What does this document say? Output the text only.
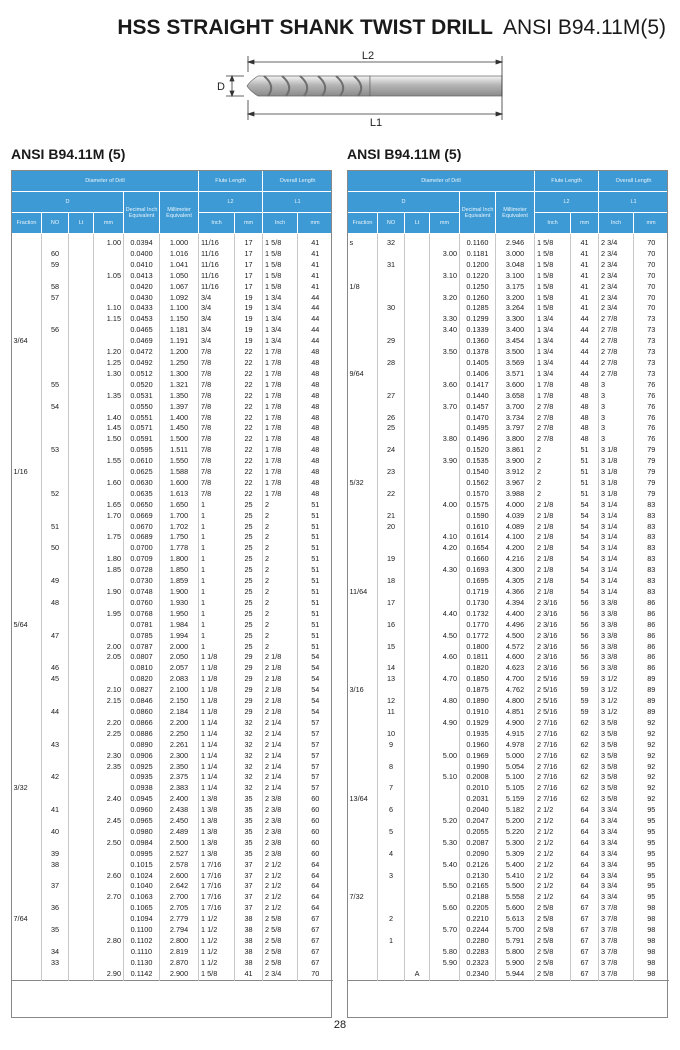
HSS STRAIGHT SHANK TWIST DRILL ANSI B94.11M(5)
L2
L1
D
ANSI B94.11M (5)	ANSI B94.11M (5)
Diameter of Drill						Flute Length		Overall Length	
D				Decimal Inch Equivalent	Millimeter Equivalent	L2		L1	
Fraction	NO	Lt	mm			Inch	mm	Inch	mm
			1.00	0.0394	1.000	11/16	17	1 5/8	41
	60			0.0400	1.016	11/16	17	1 5/8	41
	59			0.0410	1.041	11/16	17	1 5/8	41
			1.05	0.0413	1.050	11/16	17	1 5/8	41
	58			0.0420	1.067	11/16	17	1 5/8	41
	57			0.0430	1.092	3/4	19	1 3/4	44
			1.10	0.0433	1.100	3/4	19	1 3/4	44
			1.15	0.0453	1.150	3/4	19	1 3/4	44
	56			0.0465	1.181	3/4	19	1 3/4	44
3/64				0.0469	1.191	3/4	19	1 3/4	44
			1.20	0.0472	1.200	7/8	22	1 7/8	48
			1.25	0.0492	1.250	7/8	22	1 7/8	48
			1.30	0.0512	1.300	7/8	22	1 7/8	48
	55			0.0520	1.321	7/8	22	1 7/8	48
			1.35	0.0531	1.350	7/8	22	1 7/8	48
	54			0.0550	1.397	7/8	22	1 7/8	48
			1.40	0.0551	1.400	7/8	22	1 7/8	48
			1.45	0.0571	1.450	7/8	22	1 7/8	48
			1.50	0.0591	1.500	7/8	22	1 7/8	48
	53			0.0595	1.511	7/8	22	1 7/8	48
			1.55	0.0610	1.550	7/8	22	1 7/8	48
1/16				0.0625	1.588	7/8	22	1 7/8	48
			1.60	0.0630	1.600	7/8	22	1 7/8	48
	52			0.0635	1.613	7/8	22	1 7/8	48
			1.65	0.0650	1.650	1	25	2	51
			1.70	0.0669	1.700	1	25	2	51
	51			0.0670	1.702	1	25	2	51
			1.75	0.0689	1.750	1	25	2	51
	50			0.0700	1.778	1	25	2	51
			1.80	0.0709	1.800	1	25	2	51
			1.85	0.0728	1.850	1	25	2	51
	49			0.0730	1.859	1	25	2	51
			1.90	0.0748	1.900	1	25	2	51
	48			0.0760	1.930	1	25	2	51
			1.95	0.0768	1.950	1	25	2	51
5/64				0.0781	1.984	1	25	2	51
	47			0.0785	1.994	1	25	2	51
			2.00	0.0787	2.000	1	25	2	51
			2.05	0.0807	2.050	1 1/8	29	2 1/8	54
	46			0.0810	2.057	1 1/8	29	2 1/8	54
	45			0.0820	2.083	1 1/8	29	2 1/8	54
			2.10	0.0827	2.100	1 1/8	29	2 1/8	54
			2.15	0.0846	2.150	1 1/8	29	2 1/8	54
	44			0.0860	2.184	1 1/8	29	2 1/8	54
			2.20	0.0866	2.200	1 1/4	32	2 1/4	57
			2.25	0.0886	2.250	1 1/4	32	2 1/4	57
	43			0.0890	2.261	1 1/4	32	2 1/4	57
			2.30	0.0906	2.300	1 1/4	32	2 1/4	57
			2.35	0.0925	2.350	1 1/4	32	2 1/4	57
	42			0.0935	2.375	1 1/4	32	2 1/4	57
3/32				0.0938	2.383	1 1/4	32	2 1/4	57
			2.40	0.0945	2.400	1 3/8	35	2 3/8	60
	41			0.0960	2.438	1 3/8	35	2 3/8	60
			2.45	0.0965	2.450	1 3/8	35	2 3/8	60
	40			0.0980	2.489	1 3/8	35	2 3/8	60
			2.50	0.0984	2.500	1 3/8	35	2 3/8	60
	39			0.0995	2.527	1 3/8	35	2 3/8	60
	38			0.1015	2.578	1 7/16	37	2 1/2	64
			2.60	0.1024	2.600	1 7/16	37	2 1/2	64
	37			0.1040	2.642	1 7/16	37	2 1/2	64
			2.70	0.1063	2.700	1 7/16	37	2 1/2	64
	36			0.1065	2.705	1 7/16	37	2 1/2	64
7/64				0.1094	2.779	1 1/2	38	2 5/8	67
	35			0.1100	2.794	1 1/2	38	2 5/8	67
			2.80	0.1102	2.800	1 1/2	38	2 5/8	67
	34			0.1110	2.819	1 1/2	38	2 5/8	67
	33			0.1130	2.870	1 1/2	38	2 5/8	67
			2.90	0.1142	2.900	1 5/8	41	2 3/4	70
Diameter of Drill						Flute Length		Overall Length	
D				Decimal Inch Equivalent	Millimeter Equivalent	L2		L1	
Fraction	NO	Lt	mm			Inch	mm	Inch	mm
s	32			0.1160	2.946	1 5/8	41	2 3/4	70
			3.00	0.1181	3.000	1 5/8	41	2 3/4	70
	31			0.1200	3.048	1 5/8	41	2 3/4	70
			3.10	0.1220	3.100	1 5/8	41	2 3/4	70
1/8				0.1250	3.175	1 5/8	41	2 3/4	70
			3.20	0.1260	3.200	1 5/8	41	2 3/4	70
	30			0.1285	3.264	1 5/8	41	2 3/4	70
			3.30	0.1299	3.300	1 3/4	44	2 7/8	73
			3.40	0.1339	3.400	1 3/4	44	2 7/8	73
	29			0.1360	3.454	1 3/4	44	2 7/8	73
			3.50	0.1378	3.500	1 3/4	44	2 7/8	73
	28			0.1405	3.569	1 3/4	44	2 7/8	73
9/64				0.1406	3.571	1 3/4	44	2 7/8	73
			3.60	0.1417	3.600	1 7/8	48	3	76
	27			0.1440	3.658	1 7/8	48	3	76
			3.70	0.1457	3.700	2 7/8	48	3	76
	26			0.1470	3.734	2 7/8	48	3	76
	25			0.1495	3.797	2 7/8	48	3	76
			3.80	0.1496	3.800	2 7/8	48	3	76
	24			0.1520	3.861	2	51	3 1/8	79
			3.90	0.1535	3.900	2	51	3 1/8	79
	23			0.1540	3.912	2	51	3 1/8	79
5/32				0.1562	3.967	2	51	3 1/8	79
	22			0.1570	3.988	2	51	3 1/8	79
			4.00	0.1575	4.000	2 1/8	54	3 1/4	83
	21			0.1590	4.039	2 1/8	54	3 1/4	83
	20			0.1610	4.089	2 1/8	54	3 1/4	83
			4.10	0.1614	4.100	2 1/8	54	3 1/4	83
			4.20	0.1654	4.200	2 1/8	54	3 1/4	83
	19			0.1660	4.216	2 1/8	54	3 1/4	83
			4.30	0.1693	4.300	2 1/8	54	3 1/4	83
	18			0.1695	4.305	2 1/8	54	3 1/4	83
11/64				0.1719	4.366	2 1/8	54	3 1/4	83
	17			0.1730	4.394	2 3/16	56	3 3/8	86
			4.40	0.1732	4.400	2 3/16	56	3 3/8	86
	16			0.1770	4.496	2 3/16	56	3 3/8	86
			4.50	0.1772	4.500	2 3/16	56	3 3/8	86
	15			0.1800	4.572	2 3/16	56	3 3/8	86
			4.60	0.1811	4.600	2 3/16	56	3 3/8	86
	14			0.1820	4.623	2 3/16	56	3 3/8	86
	13		4.70	0.1850	4.700	2 5/16	59	3 1/2	89
3/16				0.1875	4.762	2 5/16	59	3 1/2	89
	12		4.80	0.1890	4.800	2 5/16	59	3 1/2	89
	11			0.1910	4.851	2 5/16	59	3 1/2	89
			4.90	0.1929	4.900	2 7/16	62	3 5/8	92
	10			0.1935	4.915	2 7/16	62	3 5/8	92
	9			0.1960	4.978	2 7/16	62	3 5/8	92
			5.00	0.1969	5.000	2 7/16	62	3 5/8	92
	8			0.1990	5.054	2 7/16	62	3 5/8	92
			5.10	0.2008	5.100	2 7/16	62	3 5/8	92
	7			0.2010	5.105	2 7/16	62	3 5/8	92
13/64				0.2031	5.159	2 7/16	62	3 5/8	92
	6			0.2040	5.182	2 1/2	64	3 3/4	95
			5.20	0.2047	5.200	2 1/2	64	3 3/4	95
	5			0.2055	5.220	2 1/2	64	3 3/4	95
			5.30	0.2087	5.300	2 1/2	64	3 3/4	95
	4			0.2090	5.309	2 1/2	64	3 3/4	95
			5.40	0.2126	5.400	2 1/2	64	3 3/4	95
	3			0.2130	5.410	2 1/2	64	3 3/4	95
			5.50	0.2165	5.500	2 1/2	64	3 3/4	95
7/32				0.2188	5.558	2 1/2	64	3 3/4	95
			5.60	0.2205	5.600	2 5/8	67	3 7/8	98
	2			0.2210	5.613	2 5/8	67	3 7/8	98
			5.70	0.2244	5.700	2 5/8	67	3 7/8	98
	1			0.2280	5.791	2 5/8	67	3 7/8	98
			5.80	0.2283	5.800	2 5/8	67	3 7/8	98
			5.90	0.2323	5.900	2 5/8	67	3 7/8	98
		A		0.2340	5.944	2 5/8	67	3 7/8	98
28
